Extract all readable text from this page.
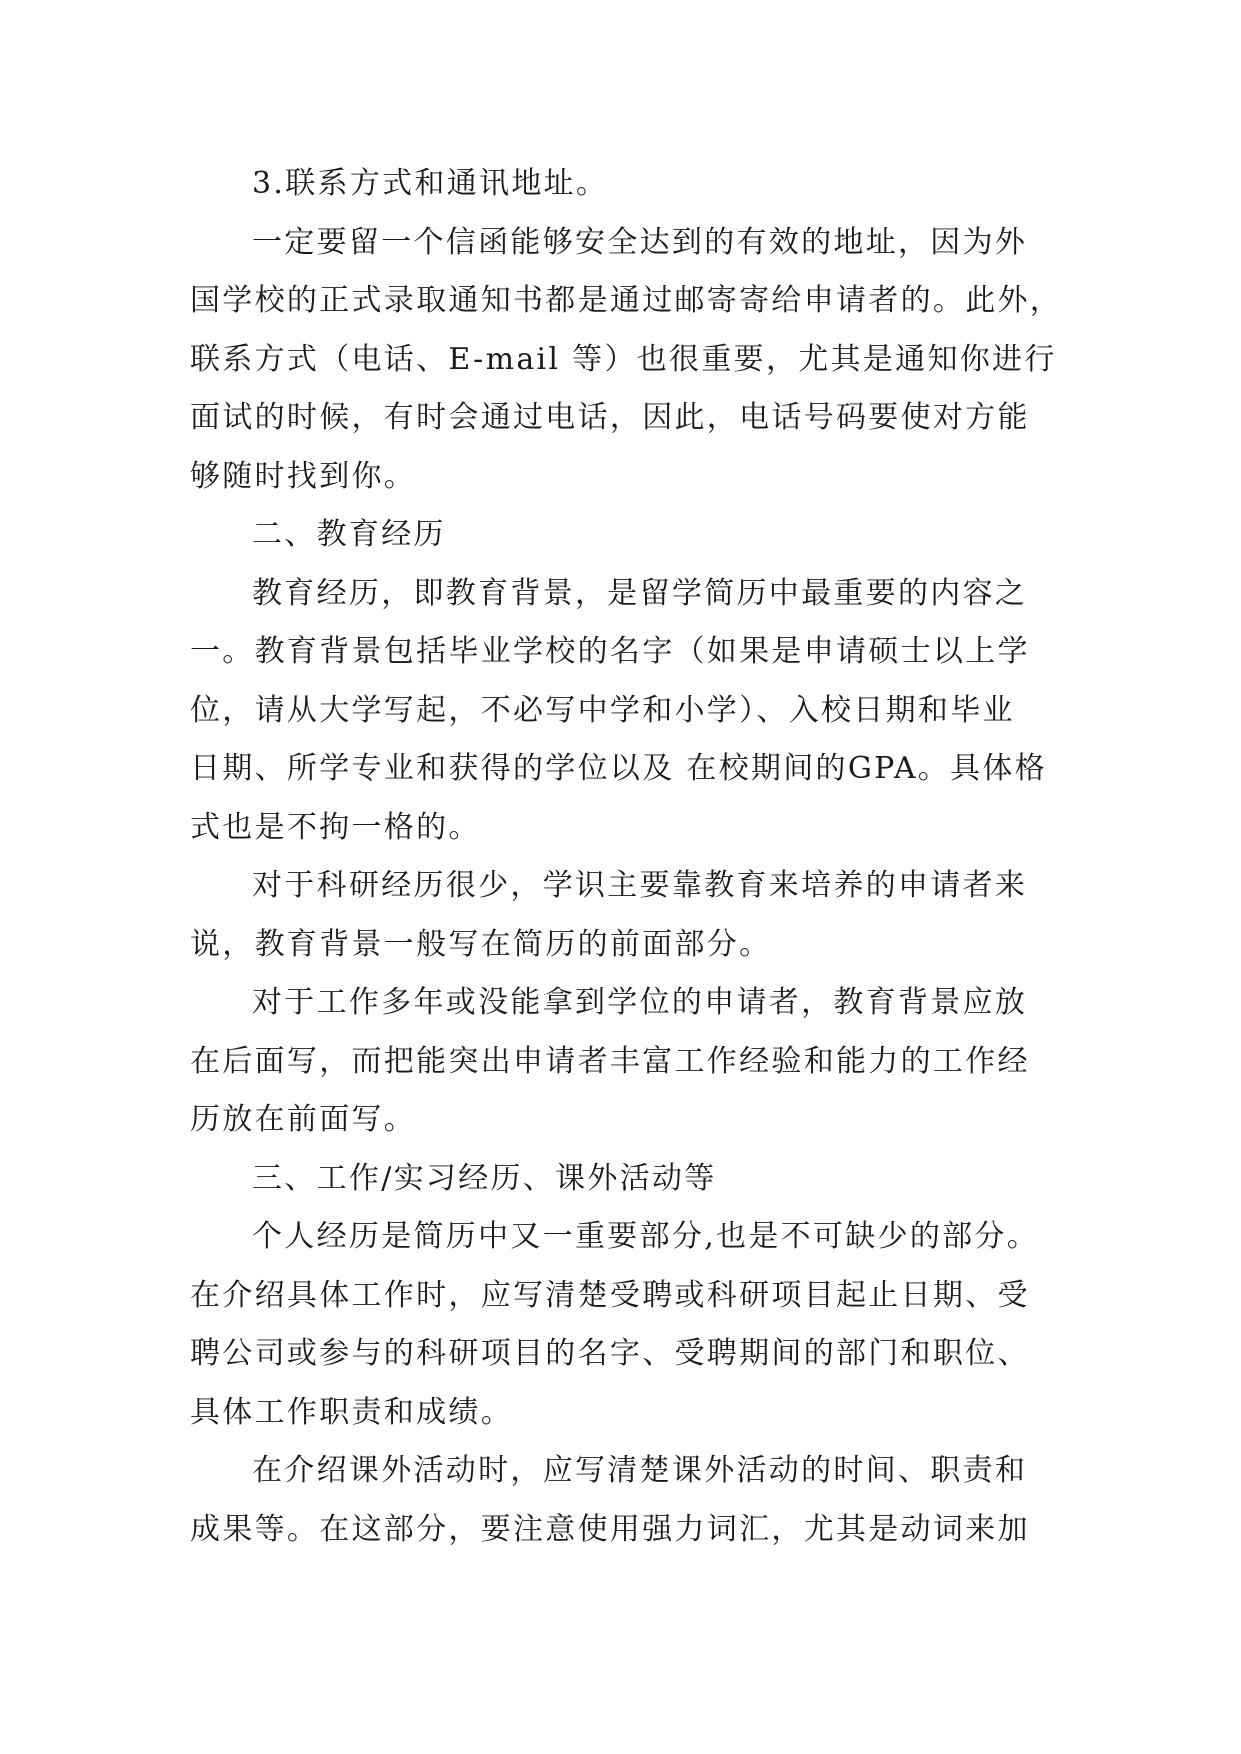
3.联系方式和通讯地址。
一定要留一个信函能够安全达到的有效的地址，因为外
国学校的正式录取通知书都是通过邮寄寄给申请者的。此外，
联系方式（电话、E-mail 等）也很重要，尤其是通知你进行
面试的时候，有时会通过电话，因此，电话号码要使对方能
够随时找到你。
二、教育经历
教育经历，即教育背景，是留学简历中最重要的内容之
一。教育背景包括毕业学校的名字（如果是申请硕士以上学
位，请从大学写起，不必写中学和小学）、入校日期和毕业
日期、所学专业和获得的学位以及 在校期间的GPA。具体格
式也是不拘一格的。
对于科研经历很少，学识主要靠教育来培养的申请者来
说，教育背景一般写在简历的前面部分。
对于工作多年或没能拿到学位的申请者，教育背景应放
在后面写，而把能突出申请者丰富工作经验和能力的工作经
历放在前面写。
三、工作/实习经历、课外活动等
个人经历是简历中又一重要部分,也是不可缺少的部分。
在介绍具体工作时，应写清楚受聘或科研项目起止日期、受
聘公司或参与的科研项目的名字、受聘期间的部门和职位、
具体工作职责和成绩。
在介绍课外活动时，应写清楚课外活动的时间、职责和
成果等。在这部分，要注意使用强力词汇，尤其是动词来加
